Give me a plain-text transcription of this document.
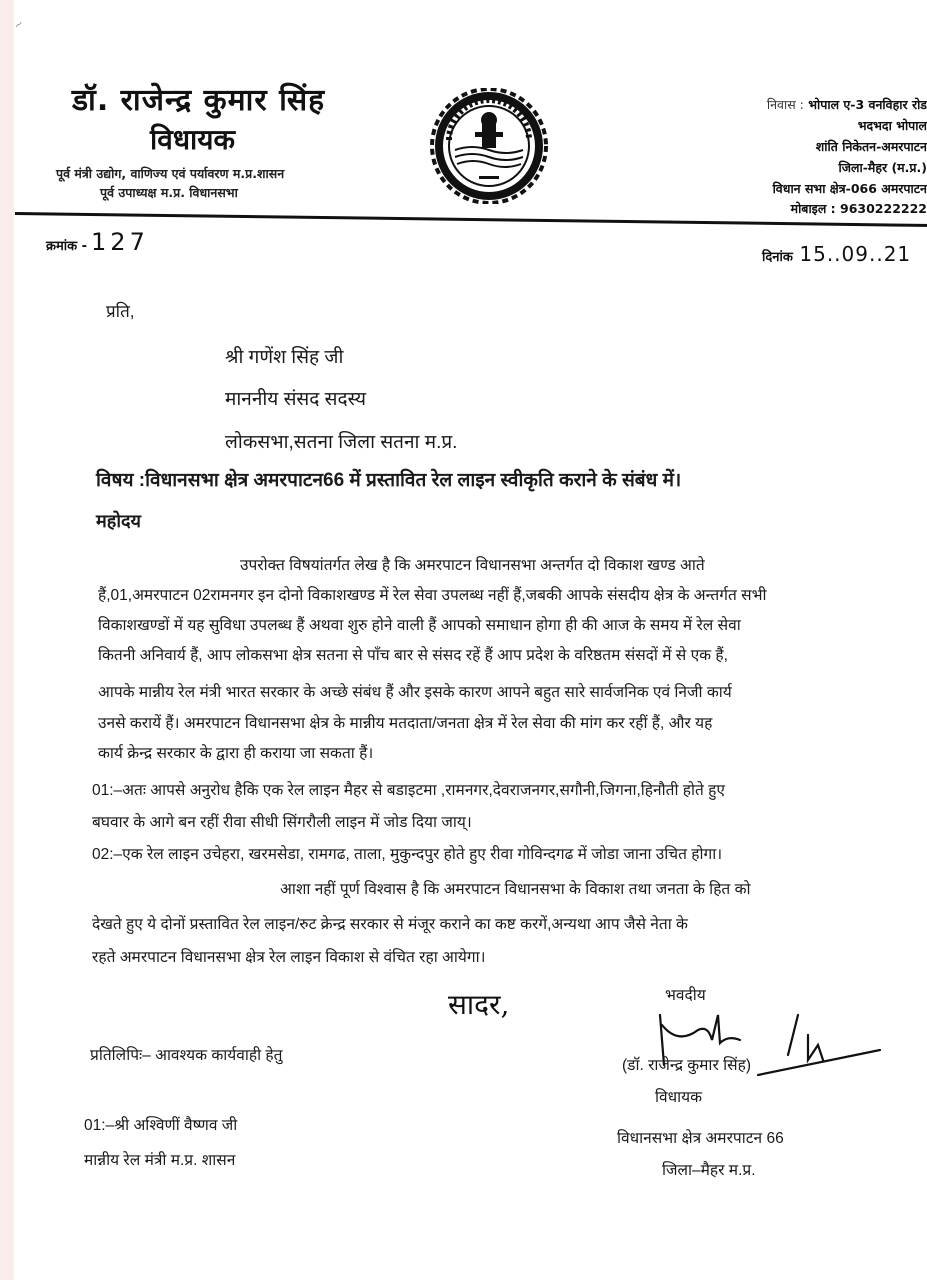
~
डॉ. राजेन्द्र कुमार सिंह
विधायक
पूर्व मंत्री उद्योग, वाणिज्य एवं पर्यावरण म.प्र.शासन
पूर्व उपाध्यक्ष म.प्र. विधानसभा
निवास : भोपाल ए-3 वनविहार रोड
भदभदा भोपाल
शांति निकेतन-अमरपाटन
जिला-मैहर (म.प्र.)
विधान सभा क्षेत्र-066 अमरपाटन
मोबाइल : 9630222222
क्रमांक - 127
दिनांक 15..09..21
प्रति,
श्री गणेंश सिंह जी
माननीय संसद सदस्य
लोकसभा,सतना जिला सतना म.प्र.
विषय :विधानसभा क्षेत्र अमरपाटन66 में प्रस्तावित रेल लाइन स्वीकृति कराने के संबंध में।
महोदय
उपरोक्त विषयांतर्गत लेख है कि अमरपाटन विधानसभा अन्तर्गत दो विकाश खण्ड आते
हैं,01,अमरपाटन 02रामनगर इन दोनो विकाशखण्ड में रेल सेवा उपलब्ध नहीं हैं,जबकी आपके संसदीय क्षेत्र के अन्तर्गत सभी
विकाशखण्डों में यह सुविधा उपलब्ध हैं अथवा शुरु होने वाली हैं आपको समाधान होगा ही की आज के समय में रेल सेवा
कितनी अनिवार्य हैं, आप लोकसभा क्षेत्र सतना से पाँच बार से संसद रहें हैं आप प्रदेश के वरिष्ठतम संसदों में से एक हैं,
आपके मान्नीय रेल मंत्री भारत सरकार के अच्छे संबंध हैं और इसके कारण आपने बहुत सारे सार्वजनिक एवं निजी कार्य
उनसे करायें हैं। अमरपाटन विधानसभा क्षेत्र के मान्नीय मतदाता/जनता क्षेत्र में रेल सेवा की मांग कर रहीं हैं, और यह
कार्य क्रेन्द्र सरकार के द्वारा ही कराया जा सकता हैं।
01:–अतः आपसे अनुरोध हैकि एक रेल लाइन मैहर से बडाइटमा ,रामनगर,देवराजनगर,सगौनी,जिगना,हिनौती होते हुए
बघवार के आगे बन रहीं रीवा सीधी सिंगरौली लाइन में जोड दिया जाय्।
02:–एक रेल लाइन उचेहरा, खरमसेडा, रामगढ, ताला, मुकुन्दपुर होते हुए रीवा गोविन्दगढ में जोडा जाना उचित होगा।
आशा नहीं पूर्ण विश्वास है कि अमरपाटन विधानसभा के विकाश तथा जनता के हित को
देखते हुए ये दोनों प्रस्तावित रेल लाइन/रुट क्रेन्द्र सरकार से मंजूर कराने का कष्ट करगें,अन्यथा आप जैसे नेता के
रहते अमरपाटन विधानसभा क्षेत्र रेल लाइन विकाश से वंचित रहा आयेगा।
सादर,	भवदीय
(डॉ. राजेन्द्र कुमार सिंह)
विधायक
विधानसभा क्षेत्र अमरपाटन 66
जिला–मैहर म.प्र.
प्रतिलिपिः– आवश्यक कार्यवाही हेतु
01:–श्री अश्विणीं वैष्णव जी
मान्नीय रेल मंत्री म.प्र. शासन
